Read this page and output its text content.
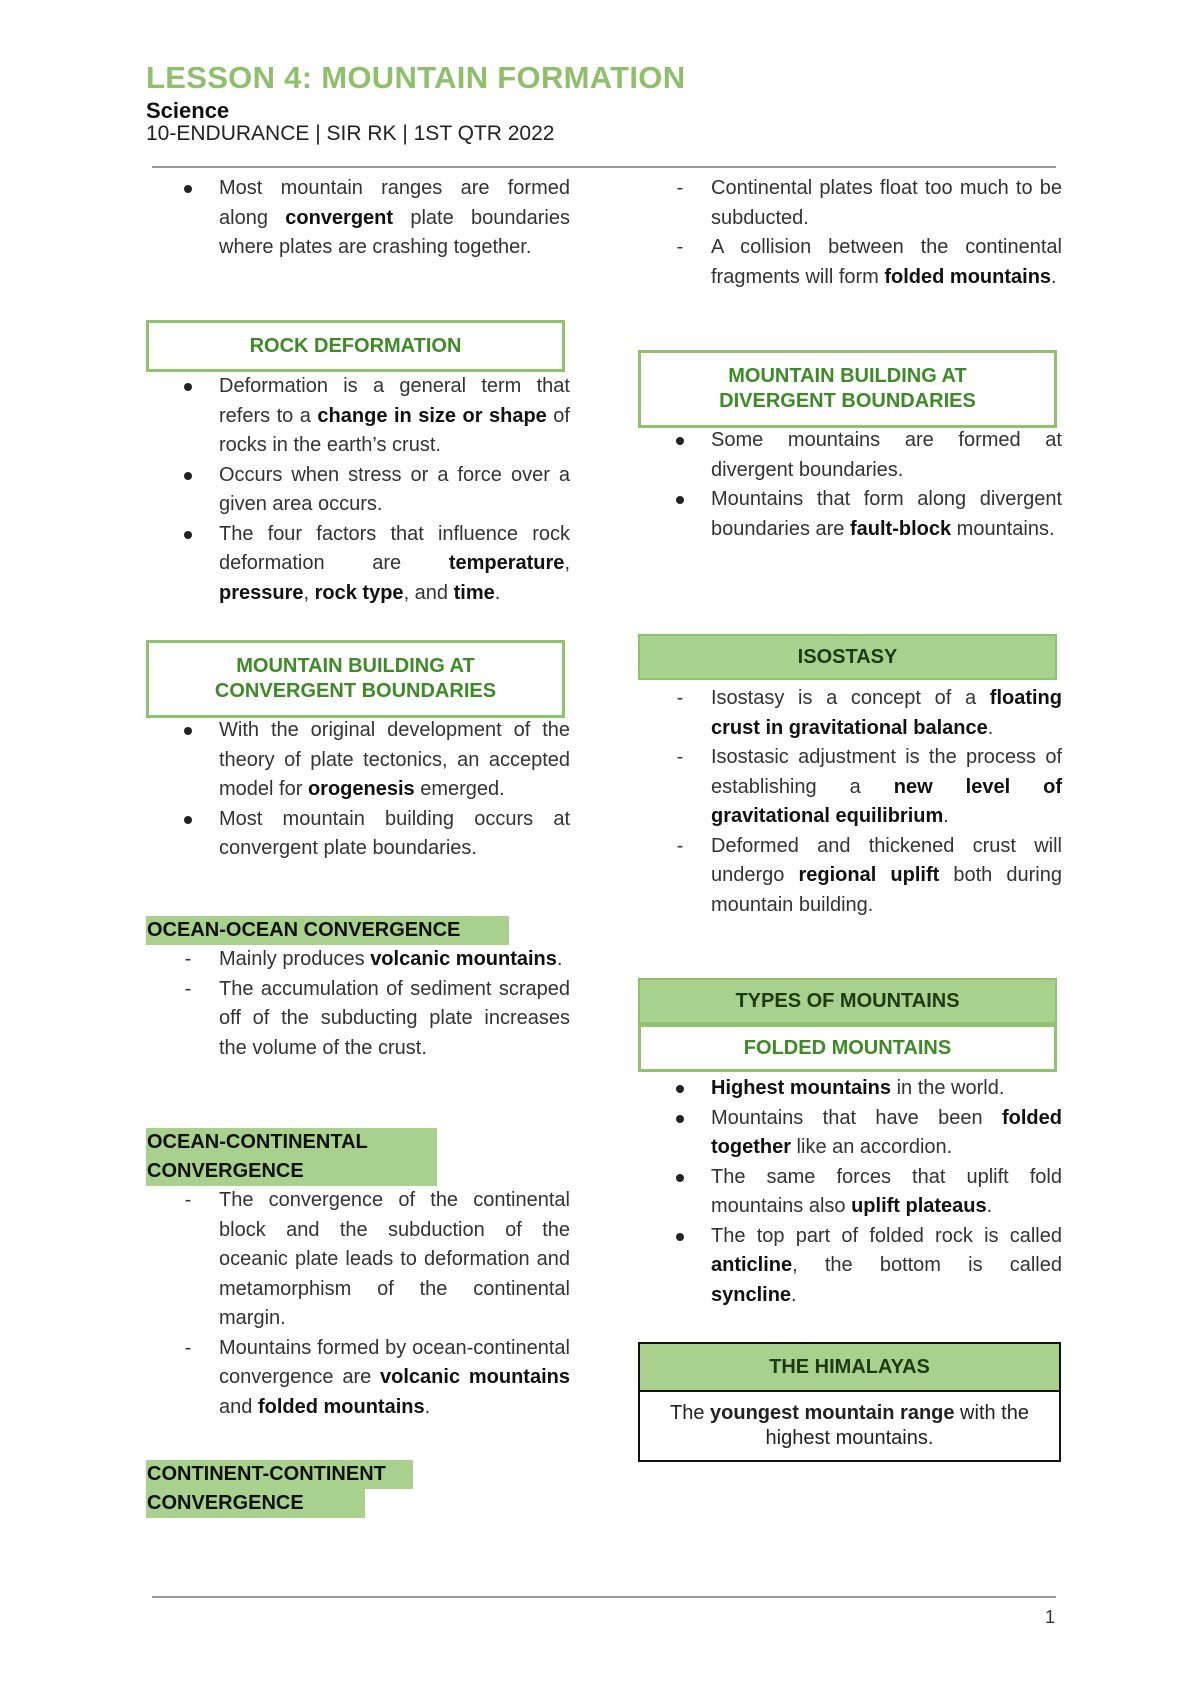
LESSON 4: MOUNTAIN FORMATION
Science
10-ENDURANCE | SIR RK | 1ST QTR 2022
Most mountain ranges are formed along convergent plate boundaries where plates are crashing together.
ROCK DEFORMATION
Deformation is a general term that refers to a change in size or shape of rocks in the earth’s crust.
Occurs when stress or a force over a given area occurs.
The four factors that influence rock deformation are temperature, pressure, rock type, and time.
MOUNTAIN BUILDING AT CONVERGENT BOUNDARIES
With the original development of the theory of plate tectonics, an accepted model for orogenesis emerged.
Most mountain building occurs at convergent plate boundaries.
OCEAN-OCEAN CONVERGENCE
- Mainly produces volcanic mountains.
- The accumulation of sediment scraped off of the subducting plate increases the volume of the crust.
OCEAN-CONTINENTAL
CONVERGENCE
- The convergence of the continental block and the subduction of the oceanic plate leads to deformation and metamorphism of the continental margin.
- Mountains formed by ocean-continental convergence are volcanic mountains and folded mountains.
CONTINENT-CONTINENT
CONVERGENCE
- Continental plates float too much to be subducted.
- A collision between the continental fragments will form folded mountains.
MOUNTAIN BUILDING AT DIVERGENT BOUNDARIES
Some mountains are formed at divergent boundaries.
Mountains that form along divergent boundaries are fault-block mountains.
ISOSTASY
- Isostasy is a concept of a floating crust in gravitational balance.
- Isostasic adjustment is the process of establishing a new level of gravitational equilibrium.
- Deformed and thickened crust will undergo regional uplift both during mountain building.
TYPES OF MOUNTAINS
FOLDED MOUNTAINS
Highest mountains in the world.
Mountains that have been folded together like an accordion.
The same forces that uplift fold mountains also uplift plateaus.
The top part of folded rock is called anticline, the bottom is called syncline.
THE HIMALAYAS
The youngest mountain range with the highest mountains.
1
